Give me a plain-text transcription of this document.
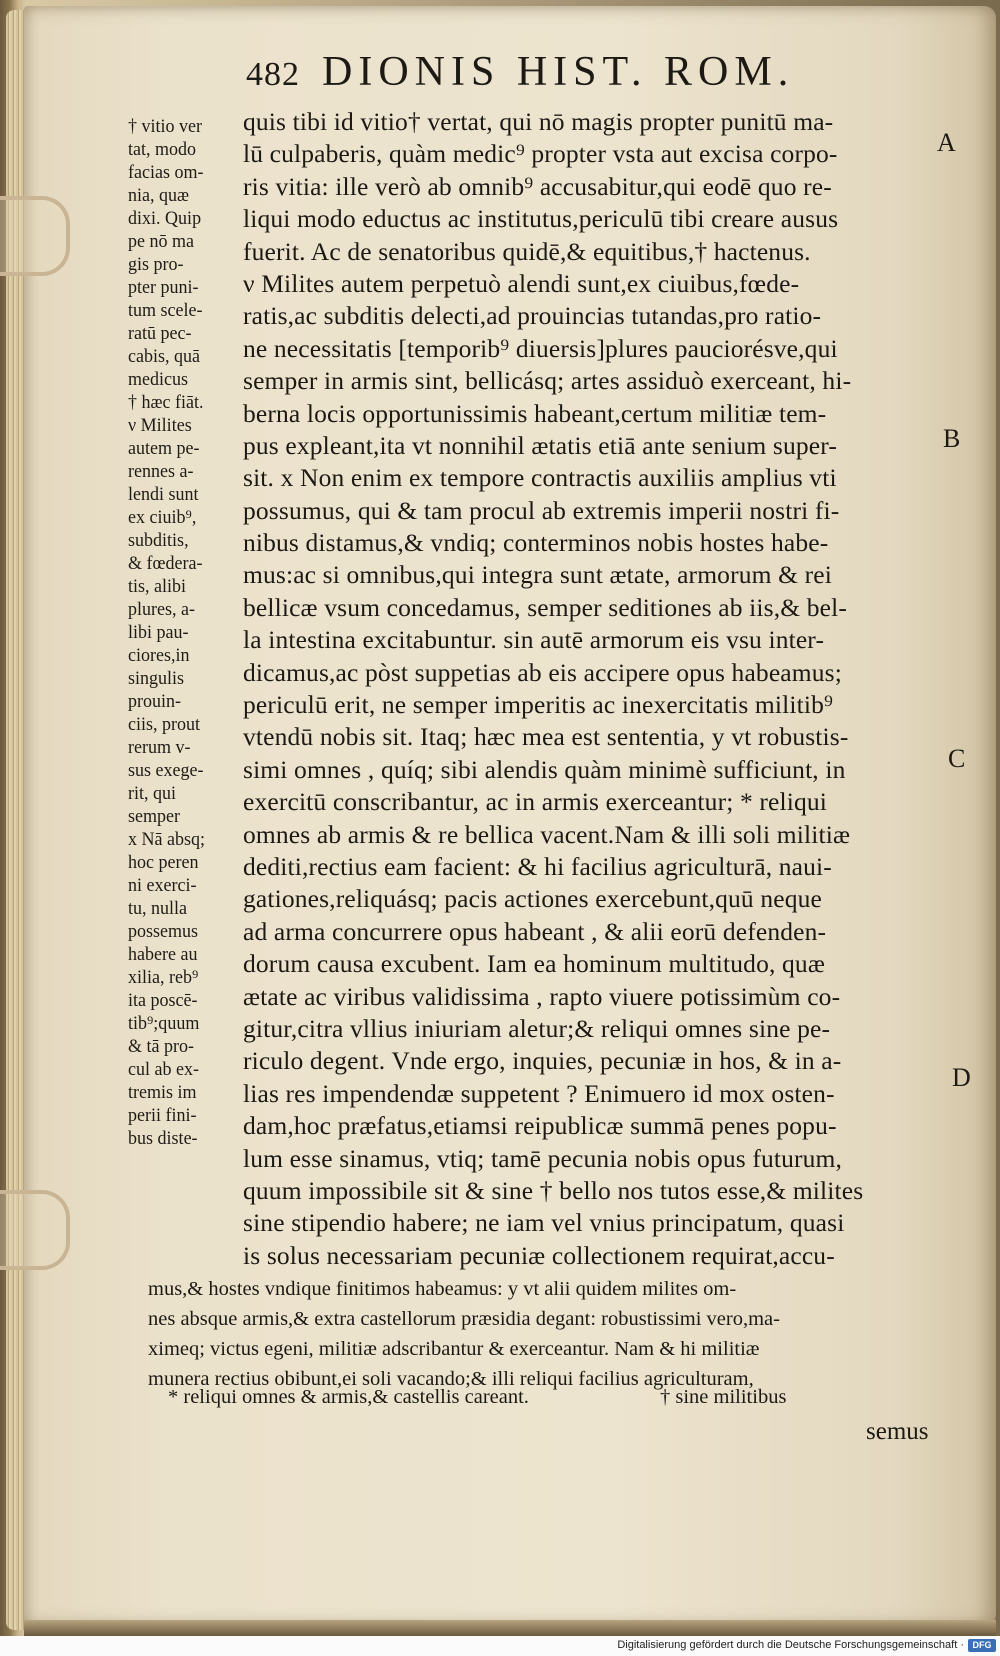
482 DIONIS HIST. ROM.
A
B
C
D
† vitio ver
tat, modo
facias om-
nia, quæ
dixi. Quip
pe nō ma
gis pro-
pter puni-
tum scele-
ratū pec-
cabis, quā
medicus
† hæc fiāt.
ν Milites
autem pe-
rennes a-
lendi sunt
ex ciuib⁹,
subditis,
& fœdera-
tis, alibi
plures, a-
libi pau-
ciores,in
singulis
prouin-
ciis, prout
rerum v-
sus exege-
rit, qui
semper
x Nā absq;
hoc peren
ni exerci-
tu, nulla
possemus
habere au
xilia, reb⁹
ita poscē-
tib⁹;quum
& tā pro-
cul ab ex-
tremis im
perii fini-
bus diste-
quis tibi id vitio† vertat, qui nō magis propter punitū ma-
lū culpaberis, quàm medic⁹ propter vsta aut excisa corpo-
ris vitia: ille verò ab omnib⁹ accusabitur,qui eodē quo re-
liqui modo eductus ac institutus,periculū tibi creare ausus
fuerit. Ac de senatoribus quidē,& equitibus,† hactenus.
ν Milites autem perpetuò alendi sunt,ex ciuibus,fœde-
ratis,ac subditis delecti,ad prouincias tutandas,pro ratio-
ne necessitatis [temporib⁹ diuersis]plures pauciorésve,qui
semper in armis sint, bellicásq; artes assiduò exerceant, hi-
berna locis opportunissimis habeant,certum militiæ tem-
pus expleant,ita vt nonnihil ætatis etiā ante senium super-
sit. x Non enim ex tempore contractis auxiliis amplius vti
possumus, qui & tam procul ab extremis imperii nostri fi-
nibus distamus,& vndiq; conterminos nobis hostes habe-
mus:ac si omnibus,qui integra sunt ætate, armorum & rei
bellicæ vsum concedamus, semper seditiones ab iis,& bel-
la intestina excitabuntur. sin autē armorum eis vsu inter-
dicamus,ac pòst suppetias ab eis accipere opus habeamus;
periculū erit, ne semper imperitis ac inexercitatis militib⁹
vtendū nobis sit. Itaq; hæc mea est sententia, y vt robustis-
simi omnes , quíq; sibi alendis quàm minimè sufficiunt, in
exercitū conscribantur, ac in armis exerceantur; * reliqui
omnes ab armis & re bellica vacent.Nam & illi soli militiæ
dediti,rectius eam facient: & hi facilius agriculturā, naui-
gationes,reliquásq; pacis actiones exercebunt,quū neque
ad arma concurrere opus habeant , & alii eorū defenden-
dorum causa excubent. Iam ea hominum multitudo, quæ
ætate ac viribus validissima , rapto viuere potissimùm co-
gitur,citra vllius iniuriam aletur;& reliqui omnes sine pe-
riculo degent. Vnde ergo, inquies, pecuniæ in hos, & in a-
lias res impendendæ suppetent ? Enimuero id mox osten-
dam,hoc præfatus,etiamsi reipublicæ summā penes popu-
lum esse sinamus, vtiq; tamē pecunia nobis opus futurum,
quum impossibile sit & sine † bello nos tutos esse,& milites
sine stipendio habere; ne iam vel vnius principatum, quasi
is solus necessariam pecuniæ collectionem requirat,accu-
mus,& hostes vndique finitimos habeamus: y vt alii quidem milites om-
nes absque armis,& extra castellorum præsidia degant: robustissimi vero,ma-
ximeq; victus egeni, militiæ adscribantur & exerceantur. Nam & hi militiæ
munera rectius obibunt,ei soli vacando;& illi reliqui facilius agriculturam,
* reliqui omnes & armis,& castellis careant.	† sine militibus
semus
Digitalisierung gefördert durch die Deutsche Forschungsgemeinschaft · DFG
